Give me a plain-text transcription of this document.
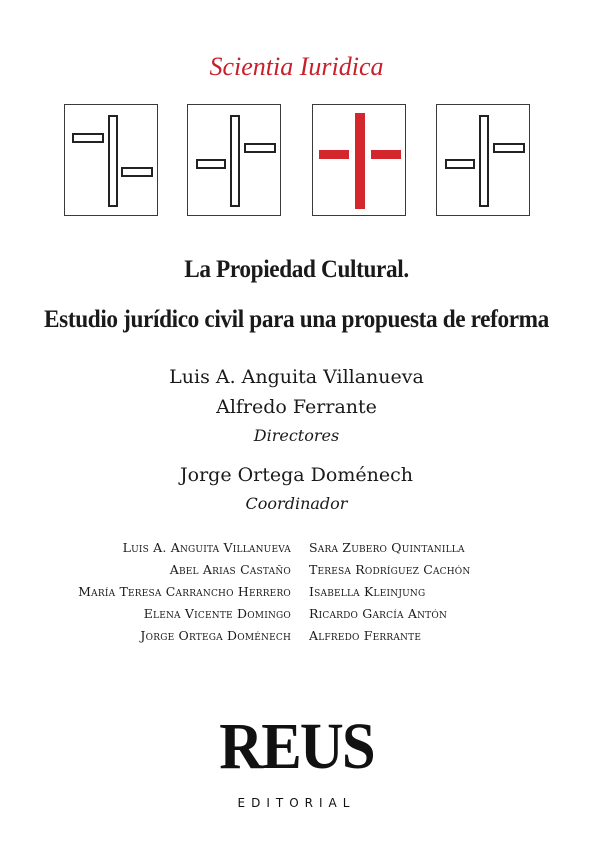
Scientia Iuridica
La Propiedad Cultural.
Estudio jurídico civil para una propuesta de reforma
Luis A. Anguita Villanueva
Alfredo Ferrante
Directores
Jorge Ortega Doménech
Coordinador
Luis A. Anguita Villanueva
Abel Arias Castaño
María Teresa Carrancho Herrero
Elena Vicente Domingo
Jorge Ortega Doménech
Sara Zubero Quintanilla
Teresa Rodríguez Cachón
Isabella Kleinjung
Ricardo García Antón
Alfredo Ferrante
REUS
EDITORIAL
